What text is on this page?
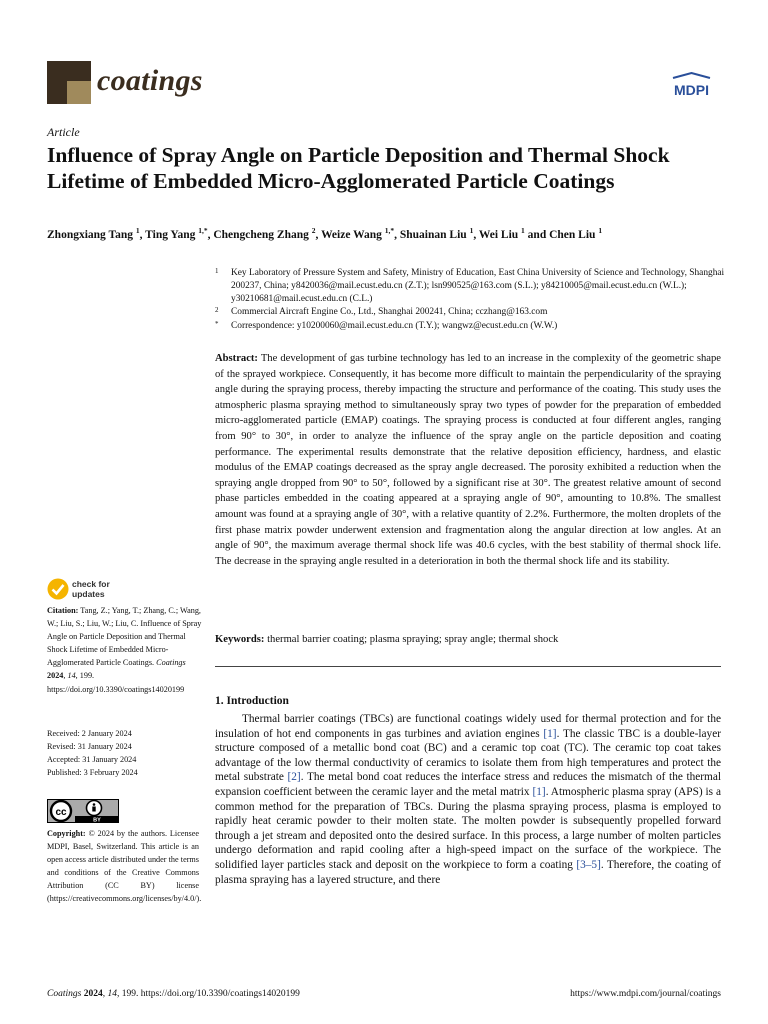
coatings	MDPI
Article
Influence of Spray Angle on Particle Deposition and Thermal Shock Lifetime of Embedded Micro-Agglomerated Particle Coatings
Zhongxiang Tang $^1$, Ting Yang $^{1,*}$, Chengcheng Zhang $^2$, Weize Wang $^{1,*}$, Shuainan Liu $^1$, Wei Liu $^1$ and Chen Liu $^1$
1 Key Laboratory of Pressure System and Safety, Ministry of Education, East China University of Science and Technology, Shanghai 200237, China; y8420036@mail.ecust.edu.cn (Z.T.); lsn990525@163.com (S.L.); y84210005@mail.ecust.edu.cn (W.L.); y30210681@mail.ecust.edu.cn (C.L.)
2 Commercial Aircraft Engine Co., Ltd., Shanghai 200241, China; cczhang@163.com
* Correspondence: y10200060@mail.ecust.edu.cn (T.Y.); wangwz@ecust.edu.cn (W.W.)
Abstract: The development of gas turbine technology has led to an increase in the complexity of the geometric shape of the sprayed workpiece. Consequently, it has become more difficult to maintain the perpendicularity of the spraying angle during the spraying process, thereby impacting the structure and performance of the coating. This study uses the atmospheric plasma spraying method to simultaneously spray two types of powder for the preparation of embedded micro-agglomerated particle (EMAP) coatings. The spraying process is conducted at four different angles, ranging from 90° to 30°, in order to analyze the influence of the spray angle on the particle deposition and coating performance. The experimental results demonstrate that the relative deposition efficiency, hardness, and elastic modulus of the EMAP coatings decreased as the spray angle decreased. The porosity exhibited a reduction when the spraying angle dropped from 90° to 50°, followed by a significant rise at 30°. The greatest relative amount of second phase particles embedded in the coating appeared at a spraying angle of 90°, amounting to 10.8%. The smallest amount was found at a spraying angle of 30°, with a relative quantity of 2.2%. Furthermore, the molten droplets of the first phase matrix powder underwent extension and fragmentation along the angular direction at low angles. At an angle of 90°, the maximum average thermal shock life was 40.6 cycles, with the best stability of thermal shock life. The decrease in the spraying angle resulted in a deterioration in both the thermal shock life and its stability.
Keywords: thermal barrier coating; plasma spraying; spray angle; thermal shock
1. Introduction
Thermal barrier coatings (TBCs) are functional coatings widely used for thermal protection and for the insulation of hot end components in gas turbines and aviation engines [1]. The classic TBC is a double-layer structure composed of a metallic bond coat (BC) and a ceramic top coat (TC). The ceramic top coat takes advantage of the low thermal conductivity of ceramics to isolate them from high temperatures and protect the metal substrate [2]. The metal bond coat reduces the interface stress and reduces the mismatch of the thermal expansion coefficient between the ceramic layer and the metal matrix [1]. Atmospheric plasma spray (APS) is a common method for the preparation of TBCs. During the plasma spraying process, plasma is employed to rapidly heat ceramic powder to their molten state. The molten powder is subsequently propelled forward through a jet stream and deposited onto the desired surface. In this process, a large number of molten particles undergo deformation and rapid cooling after a high-speed impact on the surface of the workpiece. The solidified layer particles stack and deposit on the workpiece to form a coating [3–5]. Therefore, the coating of plasma spraying has a layered structure, and there
check for
updates
Citation: Tang, Z.; Yang, T.; Zhang, C.; Wang, W.; Liu, S.; Liu, W.; Liu, C. Influence of Spray Angle on Particle Deposition and Thermal Shock Lifetime of Embedded Micro-Agglomerated Particle Coatings. Coatings 2024, 14, 199. https://doi.org/10.3390/coatings14020199
Received: 2 January 2024
Revised: 31 January 2024
Accepted: 31 January 2024
Published: 3 February 2024
cc
BY
Copyright: © 2024 by the authors. Licensee MDPI, Basel, Switzerland. This article is an open access article distributed under the terms and conditions of the Creative Commons Attribution (CC BY) license (https://creativecommons.org/licenses/by/4.0/).
Coatings 2024, 14, 199. https://doi.org/10.3390/coatings14020199	https://www.mdpi.com/journal/coatings
